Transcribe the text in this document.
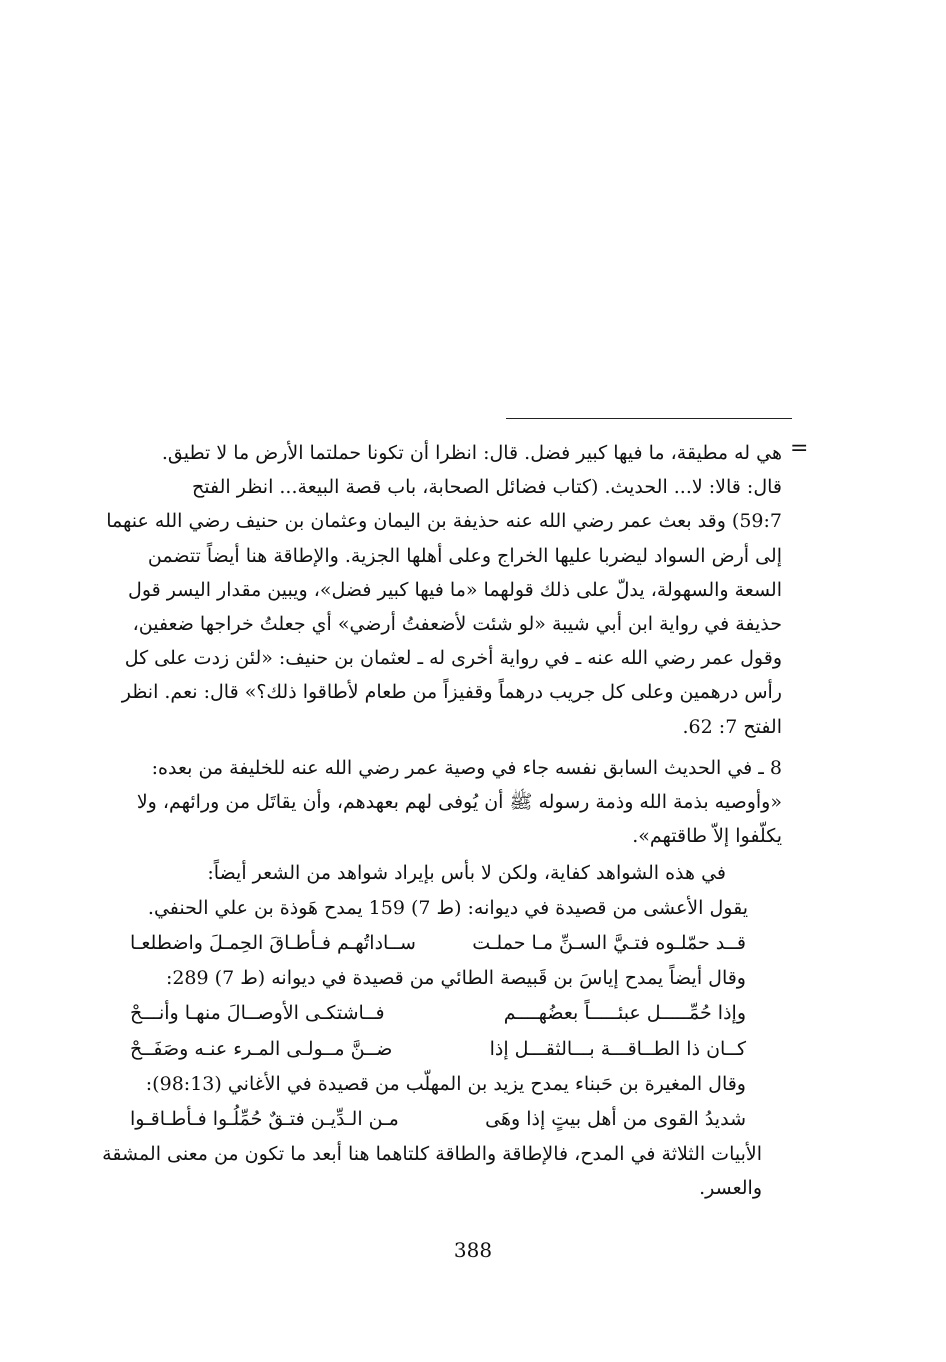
=

هي له مطيقة، ما فيها كبير فضل. قال: انظرا أن تكونا حملتما الأرض ما لا تطيق.

قال: قالا: لا... الحديث. (كتاب فضائل الصحابة، باب قصة البيعة... انظر الفتح

59:7) وقد بعث عمر رضي الله عنه حذيفة بن اليمان وعثمان بن حنيف رضي الله عنهما

إلى أرض السواد ليضربا عليها الخراج وعلى أهلها الجزية. والإطاقة هنا أيضاً تتضمن

السعة والسهولة، يدلّ على ذلك قولهما «ما فيها كبير فضل»، ويبين مقدار اليسر قول

حذيفة في رواية ابن أبي شيبة «لو شئت لأضعفتُ أرضي» أي جعلتُ خراجها ضعفين،

وقول عمر رضي الله عنه ـ في رواية أخرى له ـ لعثمان بن حنيف: «لئن زدت على كل

رأس درهمين وعلى كل جريب درهماً وقفيزاً من طعام لأطاقوا ذلك؟» قال: نعم. انظر

الفتح 7: 62.

8 ـ في الحديث السابق نفسه جاء في وصية عمر رضي الله عنه للخليفة من بعده:

«وأوصيه بذمة الله وذمة رسوله ﷺ أن يُوفى لهم بعهدهم، وأن يقاتَل من ورائهم، ولا

يكلّفوا إلاّ طاقتهم».

في هذه الشواهد كفاية، ولكن لا بأس بإيراد شواهد من الشعر أيضاً:
يقول الأعشى من قصيدة في ديوانه: (ط 7) 159 يمدح هَوذة بن علي الحنفي.
قــد حمّلـوه فتـيَّ السـنِّ مـا حملـت
ســاداتُهـم فـأطـاقَ الحِمـلَ واضطلعـا
وقال أيضاً يمدح إياسَ بن قَبيصة الطائي من قصيدة في ديوانه (ط 7) 289:
وإذا حُمِّـــــل عبئـــــاً بعضُهــــم
فــاشتكـى الأوصــالَ منهـا وأنـــحْ
كــان ذا الطــاقـــة بـــالثقـــل إذا
ضــنَّ مــولـى المـرء عنـه وصَفَــحْ
وقال المغيرة بن حَبناء يمدح يزيد بن المهلّب من قصيدة في الأغاني (98:13):
شديدُ القوى من أهل بيتٍ إذا وهَى
مـن الـدِّيـن فتـقٌ حُمِّلُـوا فـأطـاقـوا
الأبيات الثلاثة في المدح، فالإطاقة والطاقة كلتاهما هنا أبعد ما تكون من معنى المشقة
والعسر.
388
